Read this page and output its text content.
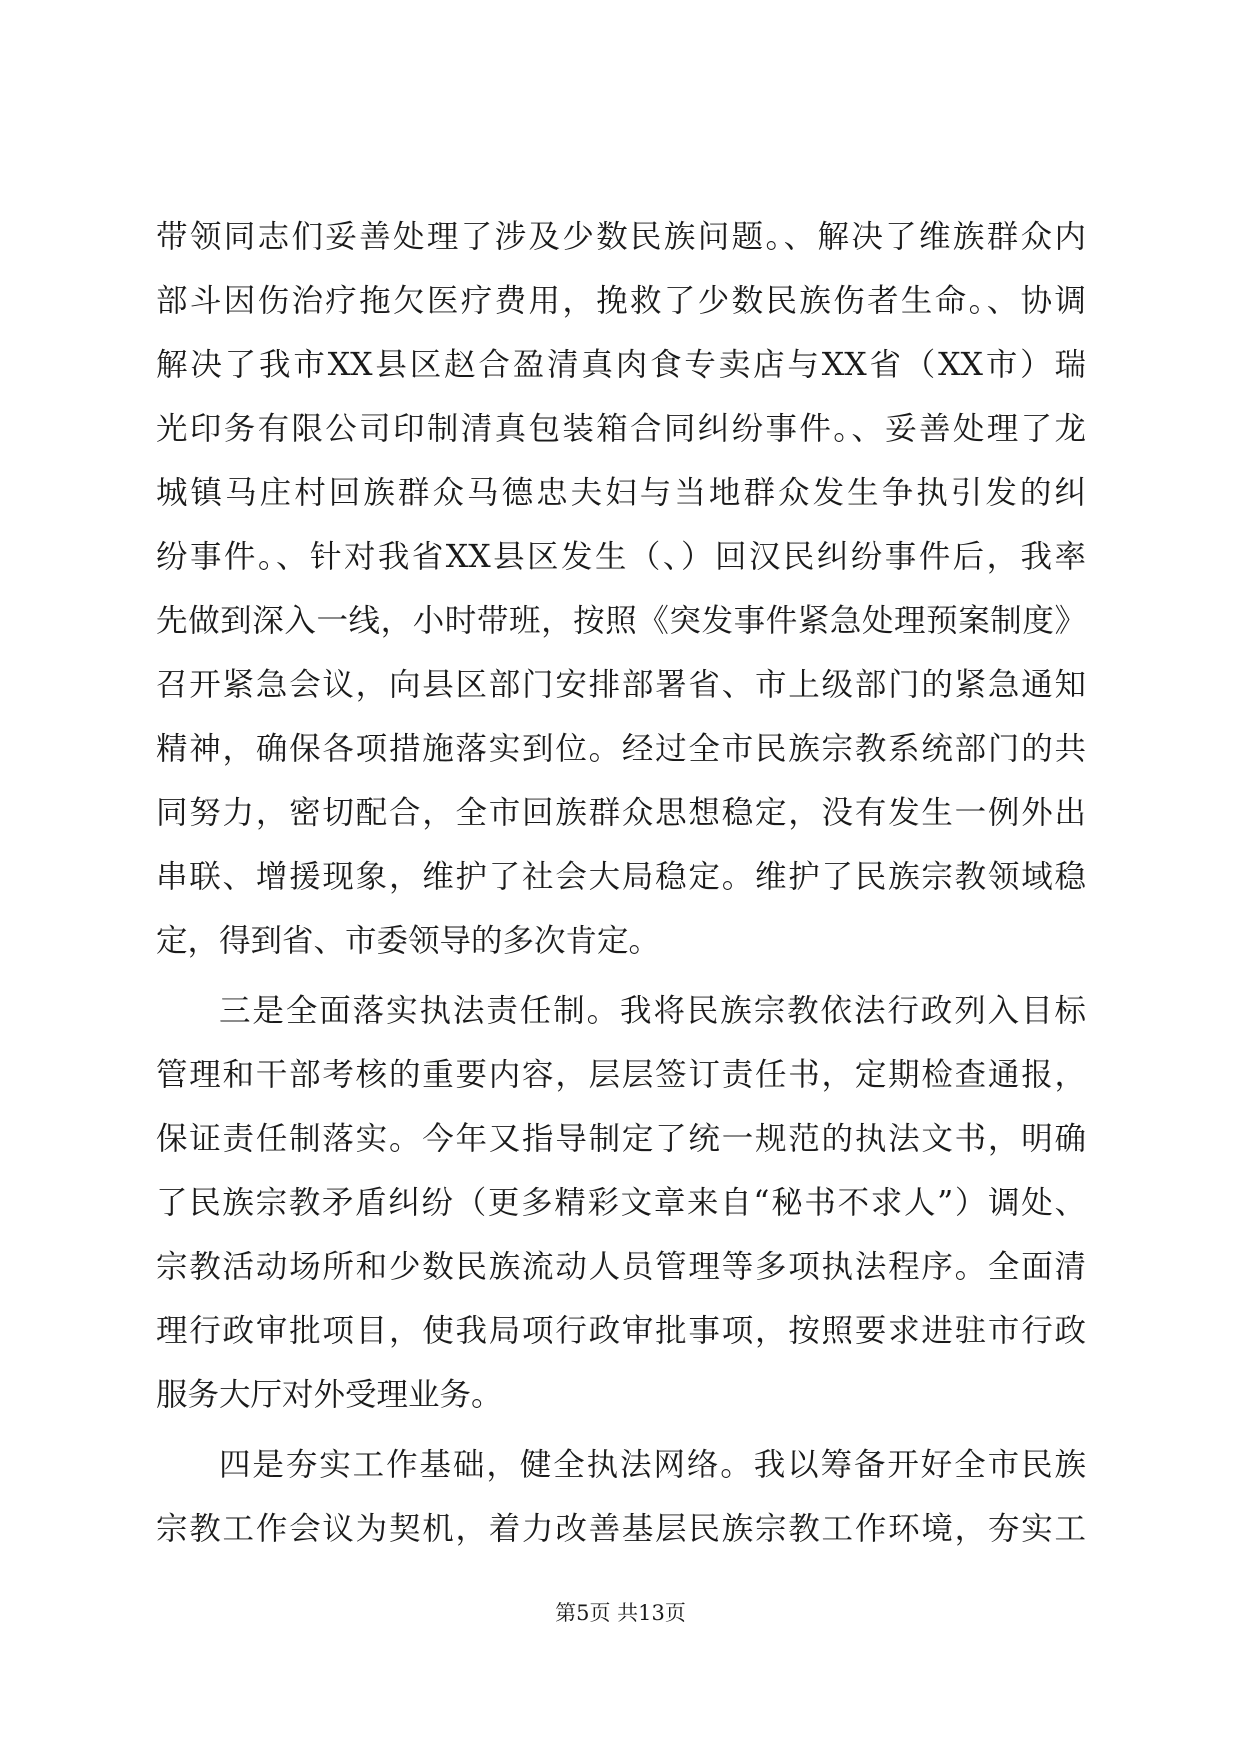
带领同志们妥善处理了涉及少数民族问题。、解决了维族群众内
部斗因伤治疗拖欠医疗费用，挽救了少数民族伤者生命。、协调
解决了我市XX县区赵合盈清真肉食专卖店与XX省（XX市）瑞
光印务有限公司印制清真包装箱合同纠纷事件。、妥善处理了龙
城镇马庄村回族群众马德忠夫妇与当地群众发生争执引发的纠
纷事件。、针对我省XX县区发生（、）回汉民纠纷事件后，我率
先做到深入一线，小时带班，按照《突发事件紧急处理预案制度》
召开紧急会议，向县区部门安排部署省、市上级部门的紧急通知
精神，确保各项措施落实到位。经过全市民族宗教系统部门的共
同努力，密切配合，全市回族群众思想稳定，没有发生一例外出
串联、增援现象，维护了社会大局稳定。维护了民族宗教领域稳
定，得到省、市委领导的多次肯定。
三是全面落实执法责任制。我将民族宗教依法行政列入目标
管理和干部考核的重要内容，层层签订责任书，定期检查通报，
保证责任制落实。今年又指导制定了统一规范的执法文书，明确
了民族宗教矛盾纠纷（更多精彩文章来自“秘书不求人”）调处、
宗教活动场所和少数民族流动人员管理等多项执法程序。全面清
理行政审批项目，使我局项行政审批事项，按照要求进驻市行政
服务大厅对外受理业务。
四是夯实工作基础，健全执法网络。我以筹备开好全市民族
宗教工作会议为契机，着力改善基层民族宗教工作环境，夯实工
第5页 共13页
